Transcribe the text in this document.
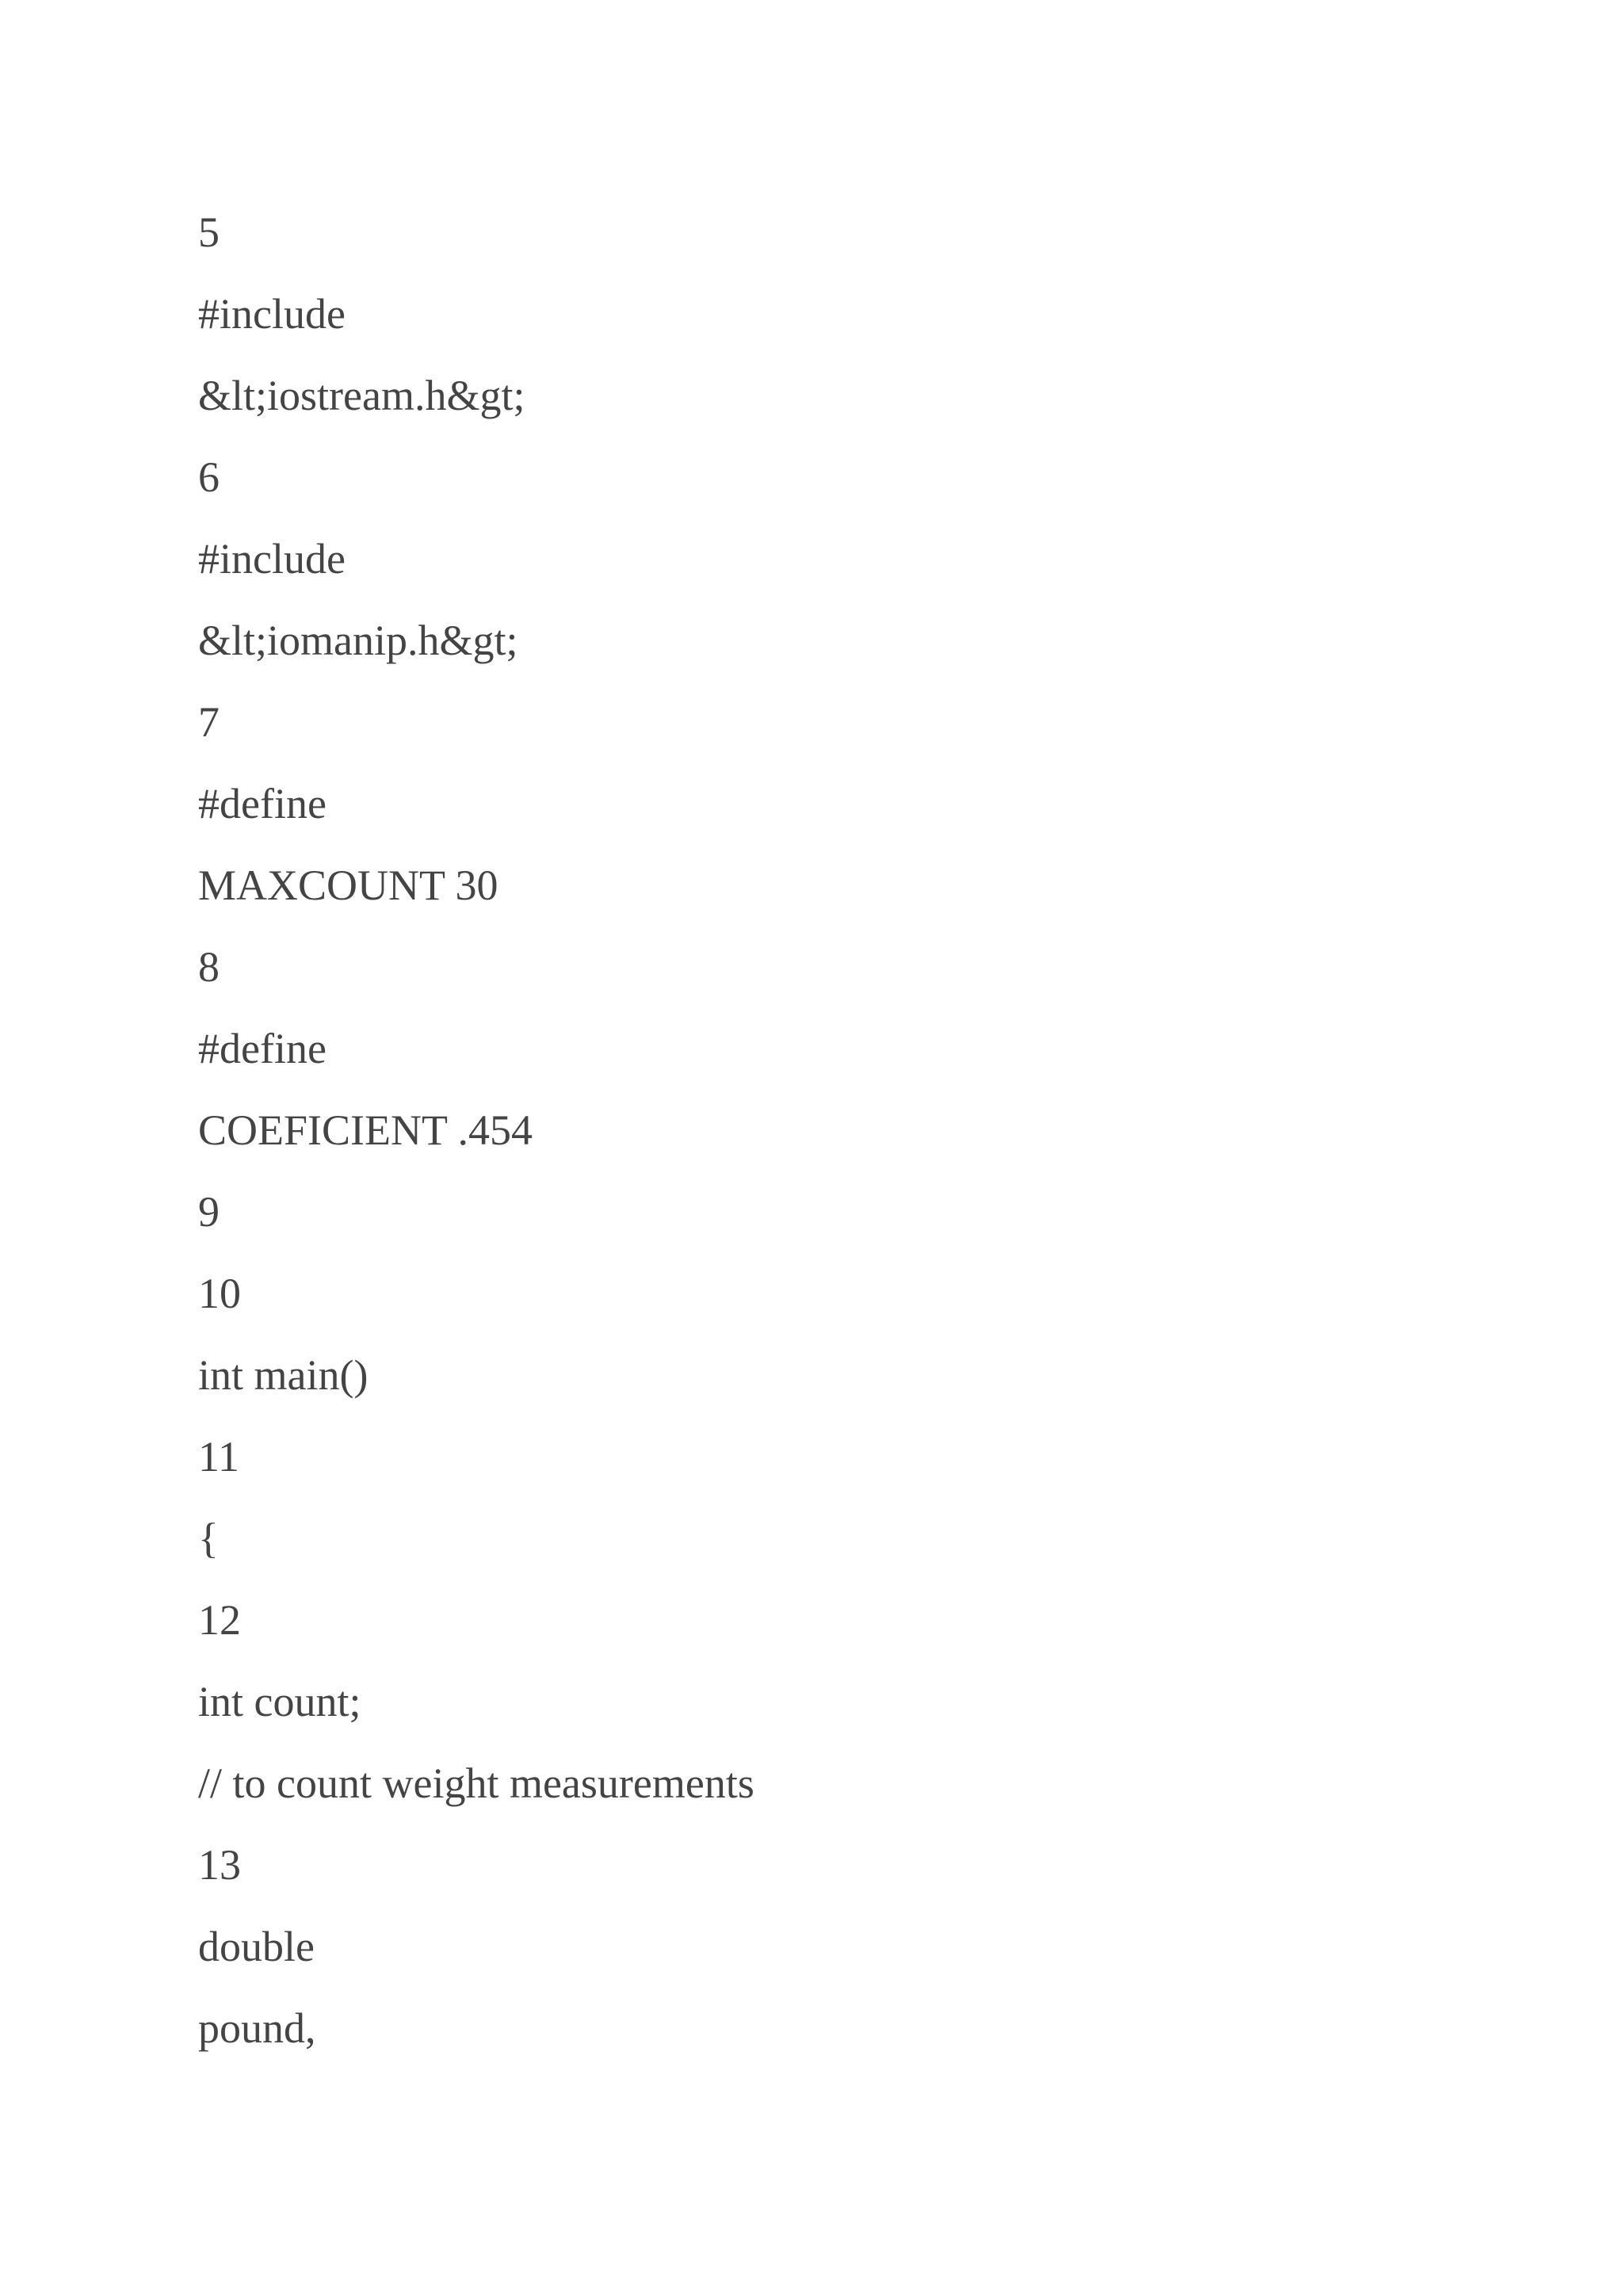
5
#include
&lt;iostream.h&gt;
6
#include
&lt;iomanip.h&gt;
7
#define
MAXCOUNT 30
8
#define
COEFICIENT .454
9
10
int main()
11
{
12
int count;
// to count weight measurements
13
double
pound,
